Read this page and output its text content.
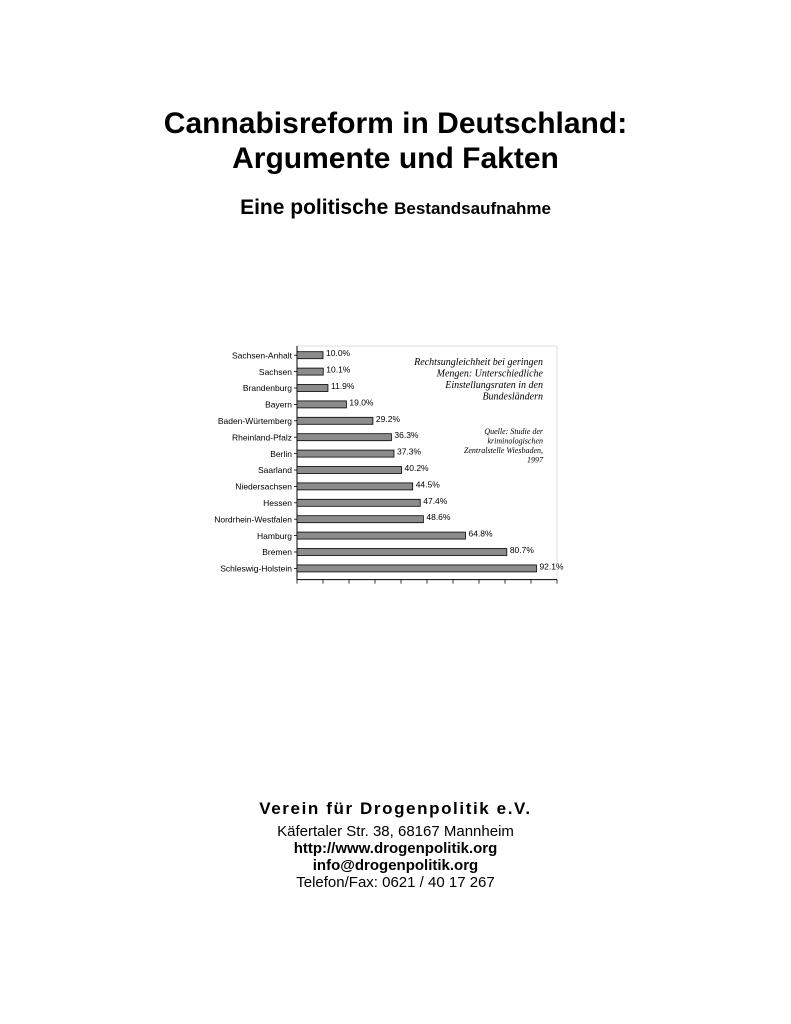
Cannabisreform in Deutschland:
Argumente und Fakten
Eine politische Bestandsaufnahme
Sachsen-Anhalt	10.0%
Sachsen	10.1%
Brandenburg	11.9%
Bayern	19.0%
Baden-Würtemberg	29.2%
Rheinland-Pfalz	36.3%
Berlin	37.3%
Saarland	40.2%
Niedersachsen	44.5%
Hessen	47.4%
Nordrhein-Westfalen	48.6%
Hamburg	64.8%
Bremen	80.7%
Schleswig-Holstein	92.1%
Rechtsungleichheit bei geringen
Mengen: Unterschiedliche
Einstellungsraten in den
Bundesländern
Quelle: Studie der
kriminologischen
Zentralstelle Wiesbaden,
1997
Verein für Drogenpolitik e.V.
Käfertaler Str. 38, 68167 Mannheim
http://www.drogenpolitik.org
info@drogenpolitik.org
Telefon/Fax: 0621 / 40 17 267
